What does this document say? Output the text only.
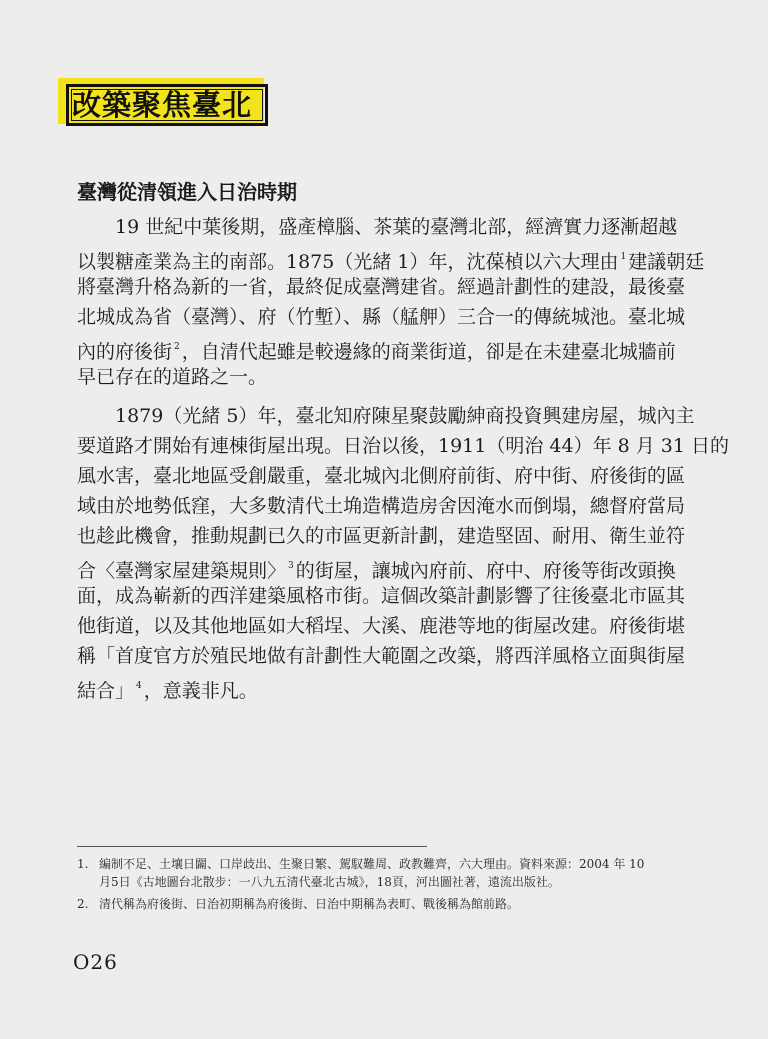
改築聚焦臺北
臺灣從清領進入日治時期
19 世紀中葉後期，盛產樟腦、茶葉的臺灣北部，經濟實力逐漸超越
以製糖產業為主的南部。1875（光緒 1）年，沈葆楨以六大理由 $^1$ 建議朝廷
將臺灣升格為新的一省，最終促成臺灣建省。經過計劃性的建設，最後臺
北城成為省（臺灣）、府（竹塹）、縣（艋舺）三合一的傳統城池。臺北城
內的府後街 $^2$ ，自清代起雖是較邊緣的商業街道，卻是在未建臺北城牆前
早已存在的道路之一。
1879（光緒 5）年，臺北知府陳星聚鼓勵紳商投資興建房屋，城內主
要道路才開始有連棟街屋出現。日治以後，1911（明治 44）年 8 月 31 日的
風水害，臺北地區受創嚴重，臺北城內北側府前街、府中街、府後街的區
域由於地勢低窪，大多數清代土埆造構造房舍因淹水而倒塌，總督府當局
也趁此機會，推動規劃已久的市區更新計劃，建造堅固、耐用、衛生並符
合〈臺灣家屋建築規則〉 $^3$ 的街屋，讓城內府前、府中、府後等街改頭換
面，成為嶄新的西洋建築風格市街。這個改築計劃影響了往後臺北市區其
他街道，以及其他地區如大稻埕、大溪、鹿港等地的街屋改建。府後街堪
稱「首度官方於殖民地做有計劃性大範圍之改築，將西洋風格立面與街屋
結合」 $^4$ ，意義非凡。
1. 編制不足、土壤日闢、口岸歧出、生聚日繁、駕馭難周、政教難齊，六大理由。資料來源：2004 年 10
月5日《古地圖台北散步：一八九五清代臺北古城》，18頁，河出圖社著，遠流出版社。
2. 清代稱為府後街、日治初期稱為府後街、日治中期稱為表町、戰後稱為館前路。
O26
